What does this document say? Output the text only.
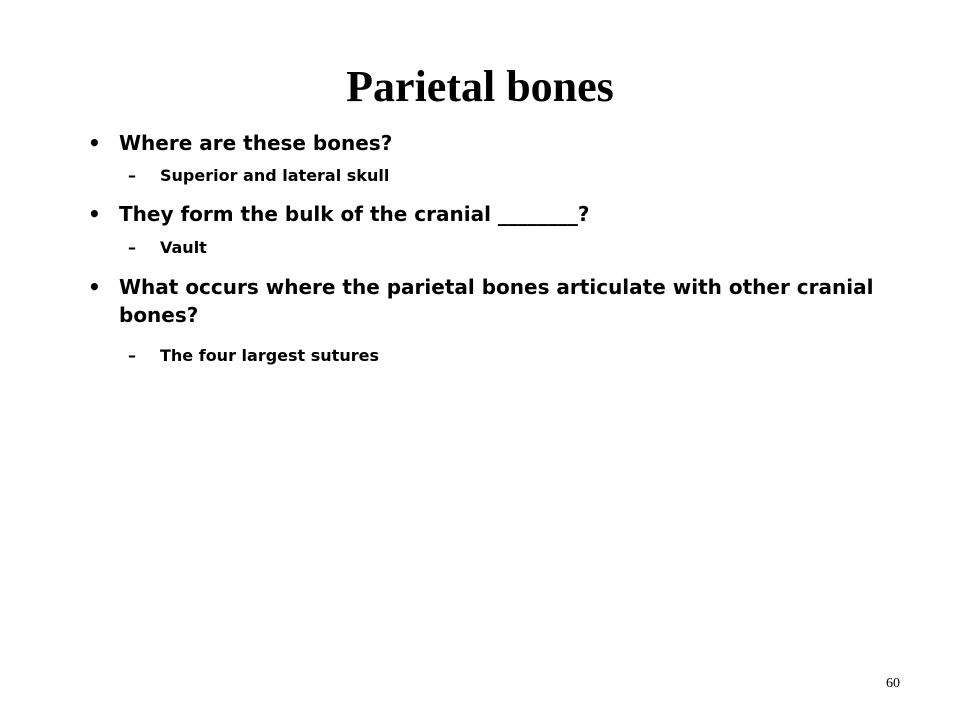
Parietal bones
• Where are these bones?

– Superior and lateral skull

• They form the bulk of the cranial ________?

– Vault

• What occurs where the parietal bones articulate with other cranial bones?

– The four largest sutures

60
